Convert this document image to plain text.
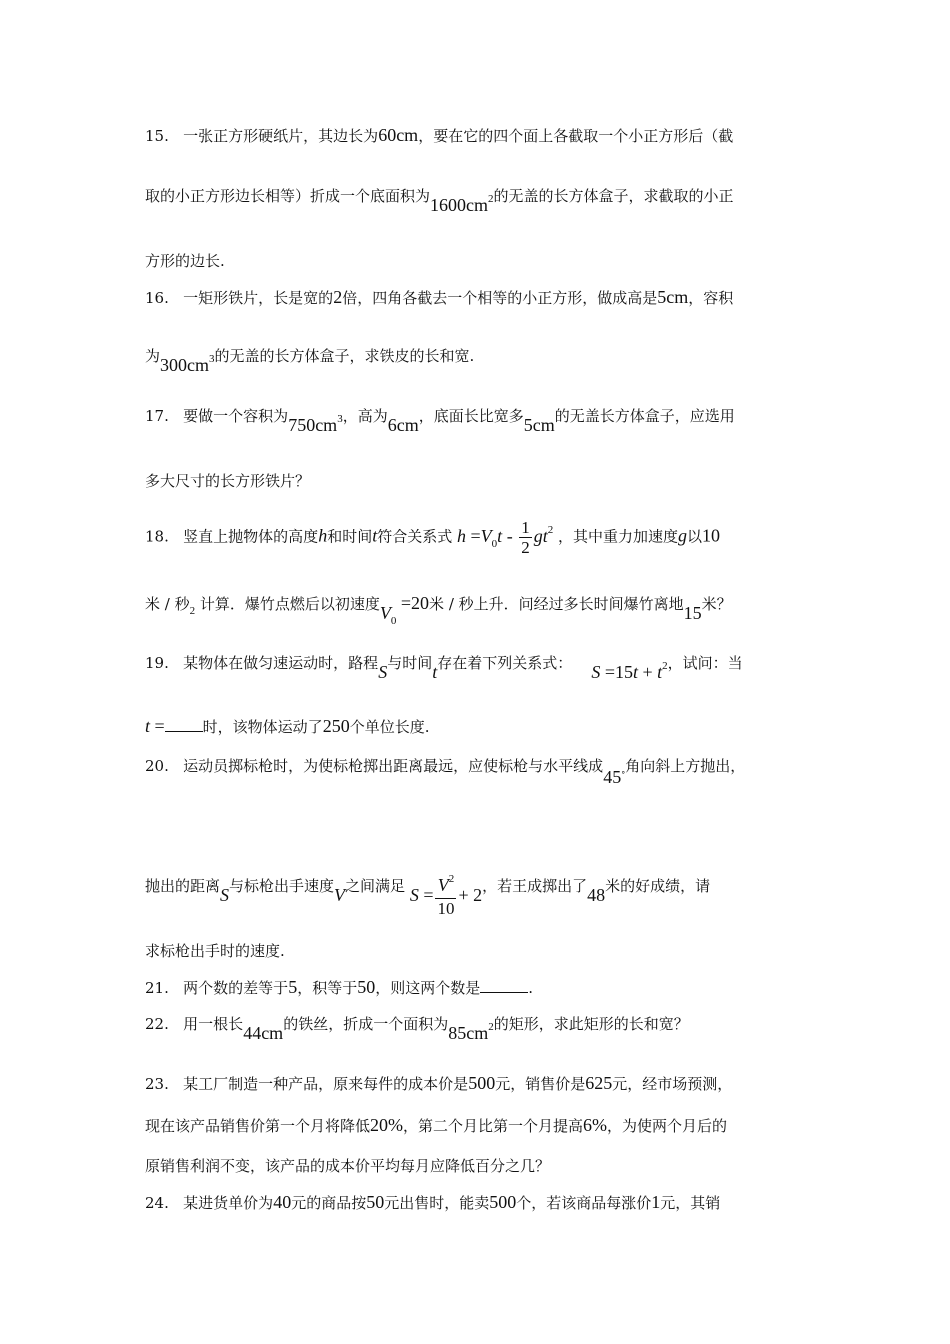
15. 一张正方形硬纸片，其边长为60cm，要在它的四个面上各截取一个小正方形后（截
取的小正方形边长相等）折成一个底面积为$1600cm^2$的无盖的长方体盒子，求截取的小正
方形的边长.
16. 一矩形铁片，长是宽的2倍，四角各截去一个相等的小正方形，做成高是5cm，容积
为$300cm^3$的无盖的长方体盒子，求铁皮的长和宽.
17. 要做一个容积为$750cm^3$，高为6cm，底面长比宽多5cm的无盖长方体盒子，应选用
多大尺寸的长方形铁片？
18. 竖直上抛物体的高度h和时间t符合关系式 $h =V_0t - \frac{1}{2} gt^2$ ，其中重力加速度g以10
米 / 秒$_2$ 计算．爆竹点燃后以初速度$V_0 =20$米 / 秒上升．问经过多长时间爆竹离地15米？
19. 某物体在做匀速运动时，路程S与时间t存在着下列关系式： $S =15t + t^2$，试问：当
t =	时，该物体运动了250个单位长度.
20. 运动员掷标枪时，为使标枪掷出距离最远，应使标枪与水平线成45°角向斜上方抛出，
抛出的距离S与标枪出手速度V之间满足 $S = \frac{V^2}{10} + 2$，若王成掷出了48米的好成绩，请
求标枪出手时的速度.
21. 两个数的差等于5，积等于50，则这两个数是	.
22. 用一根长44cm的铁丝，折成一个面积为$85cm^2$的矩形，求此矩形的长和宽？
23. 某工厂制造一种产品，原来每件的成本价是500元，销售价是625元，经市场预测，
现在该产品销售价第一个月将降低20%，第二个月比第一个月提高6%，为使两个月后的
原销售利润不变，该产品的成本价平均每月应降低百分之几？
24. 某进货单价为40元的商品按50元出售时，能卖500个，若该商品每涨价1元，其销
